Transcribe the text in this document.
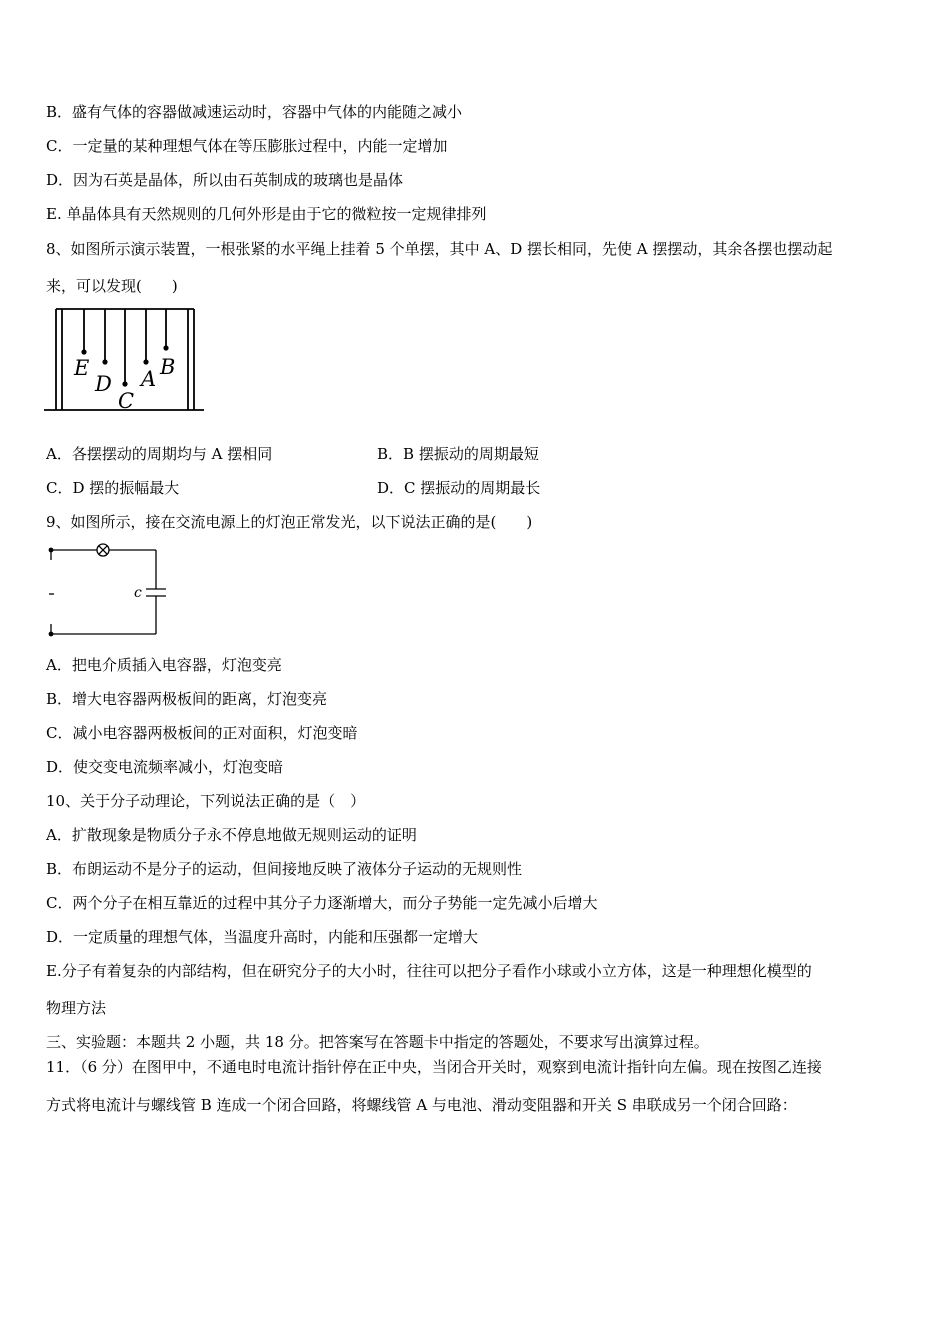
B．盛有气体的容器做减速运动时，容器中气体的内能随之减小
C．一定量的某种理想气体在等压膨胀过程中，内能一定增加
D．因为石英是晶体，所以由石英制成的玻璃也是晶体
E. 单晶体具有天然规则的几何外形是由于它的微粒按一定规律排列
8、如图所示演示装置，一根张紧的水平绳上挂着 5 个单摆，其中 A、D 摆长相同，先使 A 摆摆动，其余各摆也摆动起
来，可以发现(　　)
E
D
C
A B
A．各摆摆动的周期均与 A 摆相同	B．B 摆振动的周期最短
C．D 摆的振幅最大	D．C 摆振动的周期最长
9、如图所示，接在交流电源上的灯泡正常发光，以下说法正确的是(　　)
c
A．把电介质插入电容器，灯泡变亮
B．增大电容器两极板间的距离，灯泡变亮
C．减小电容器两极板间的正对面积，灯泡变暗
D．使交变电流频率减小，灯泡变暗
10、关于分子动理论，下列说法正确的是（　）
A．扩散现象是物质分子永不停息地做无规则运动的证明
B．布朗运动不是分子的运动，但间接地反映了液体分子运动的无规则性
C．两个分子在相互靠近的过程中其分子力逐渐增大，而分子势能一定先减小后增大
D．一定质量的理想气体，当温度升高时，内能和压强都一定增大
E.分子有着复杂的内部结构，但在研究分子的大小时，往往可以把分子看作小球或小立方体，这是一种理想化模型的
物理方法
三、实验题：本题共 2 小题，共 18 分。把答案写在答题卡中指定的答题处，不要求写出演算过程。
11．（6 分）在图甲中，不通电时电流计指针停在正中央，当闭合开关时，观察到电流计指针向左偏。现在按图乙连接
方式将电流计与螺线管 B 连成一个闭合回路，将螺线管 A 与电池、滑动变阻器和开关 S 串联成另一个闭合回路：
